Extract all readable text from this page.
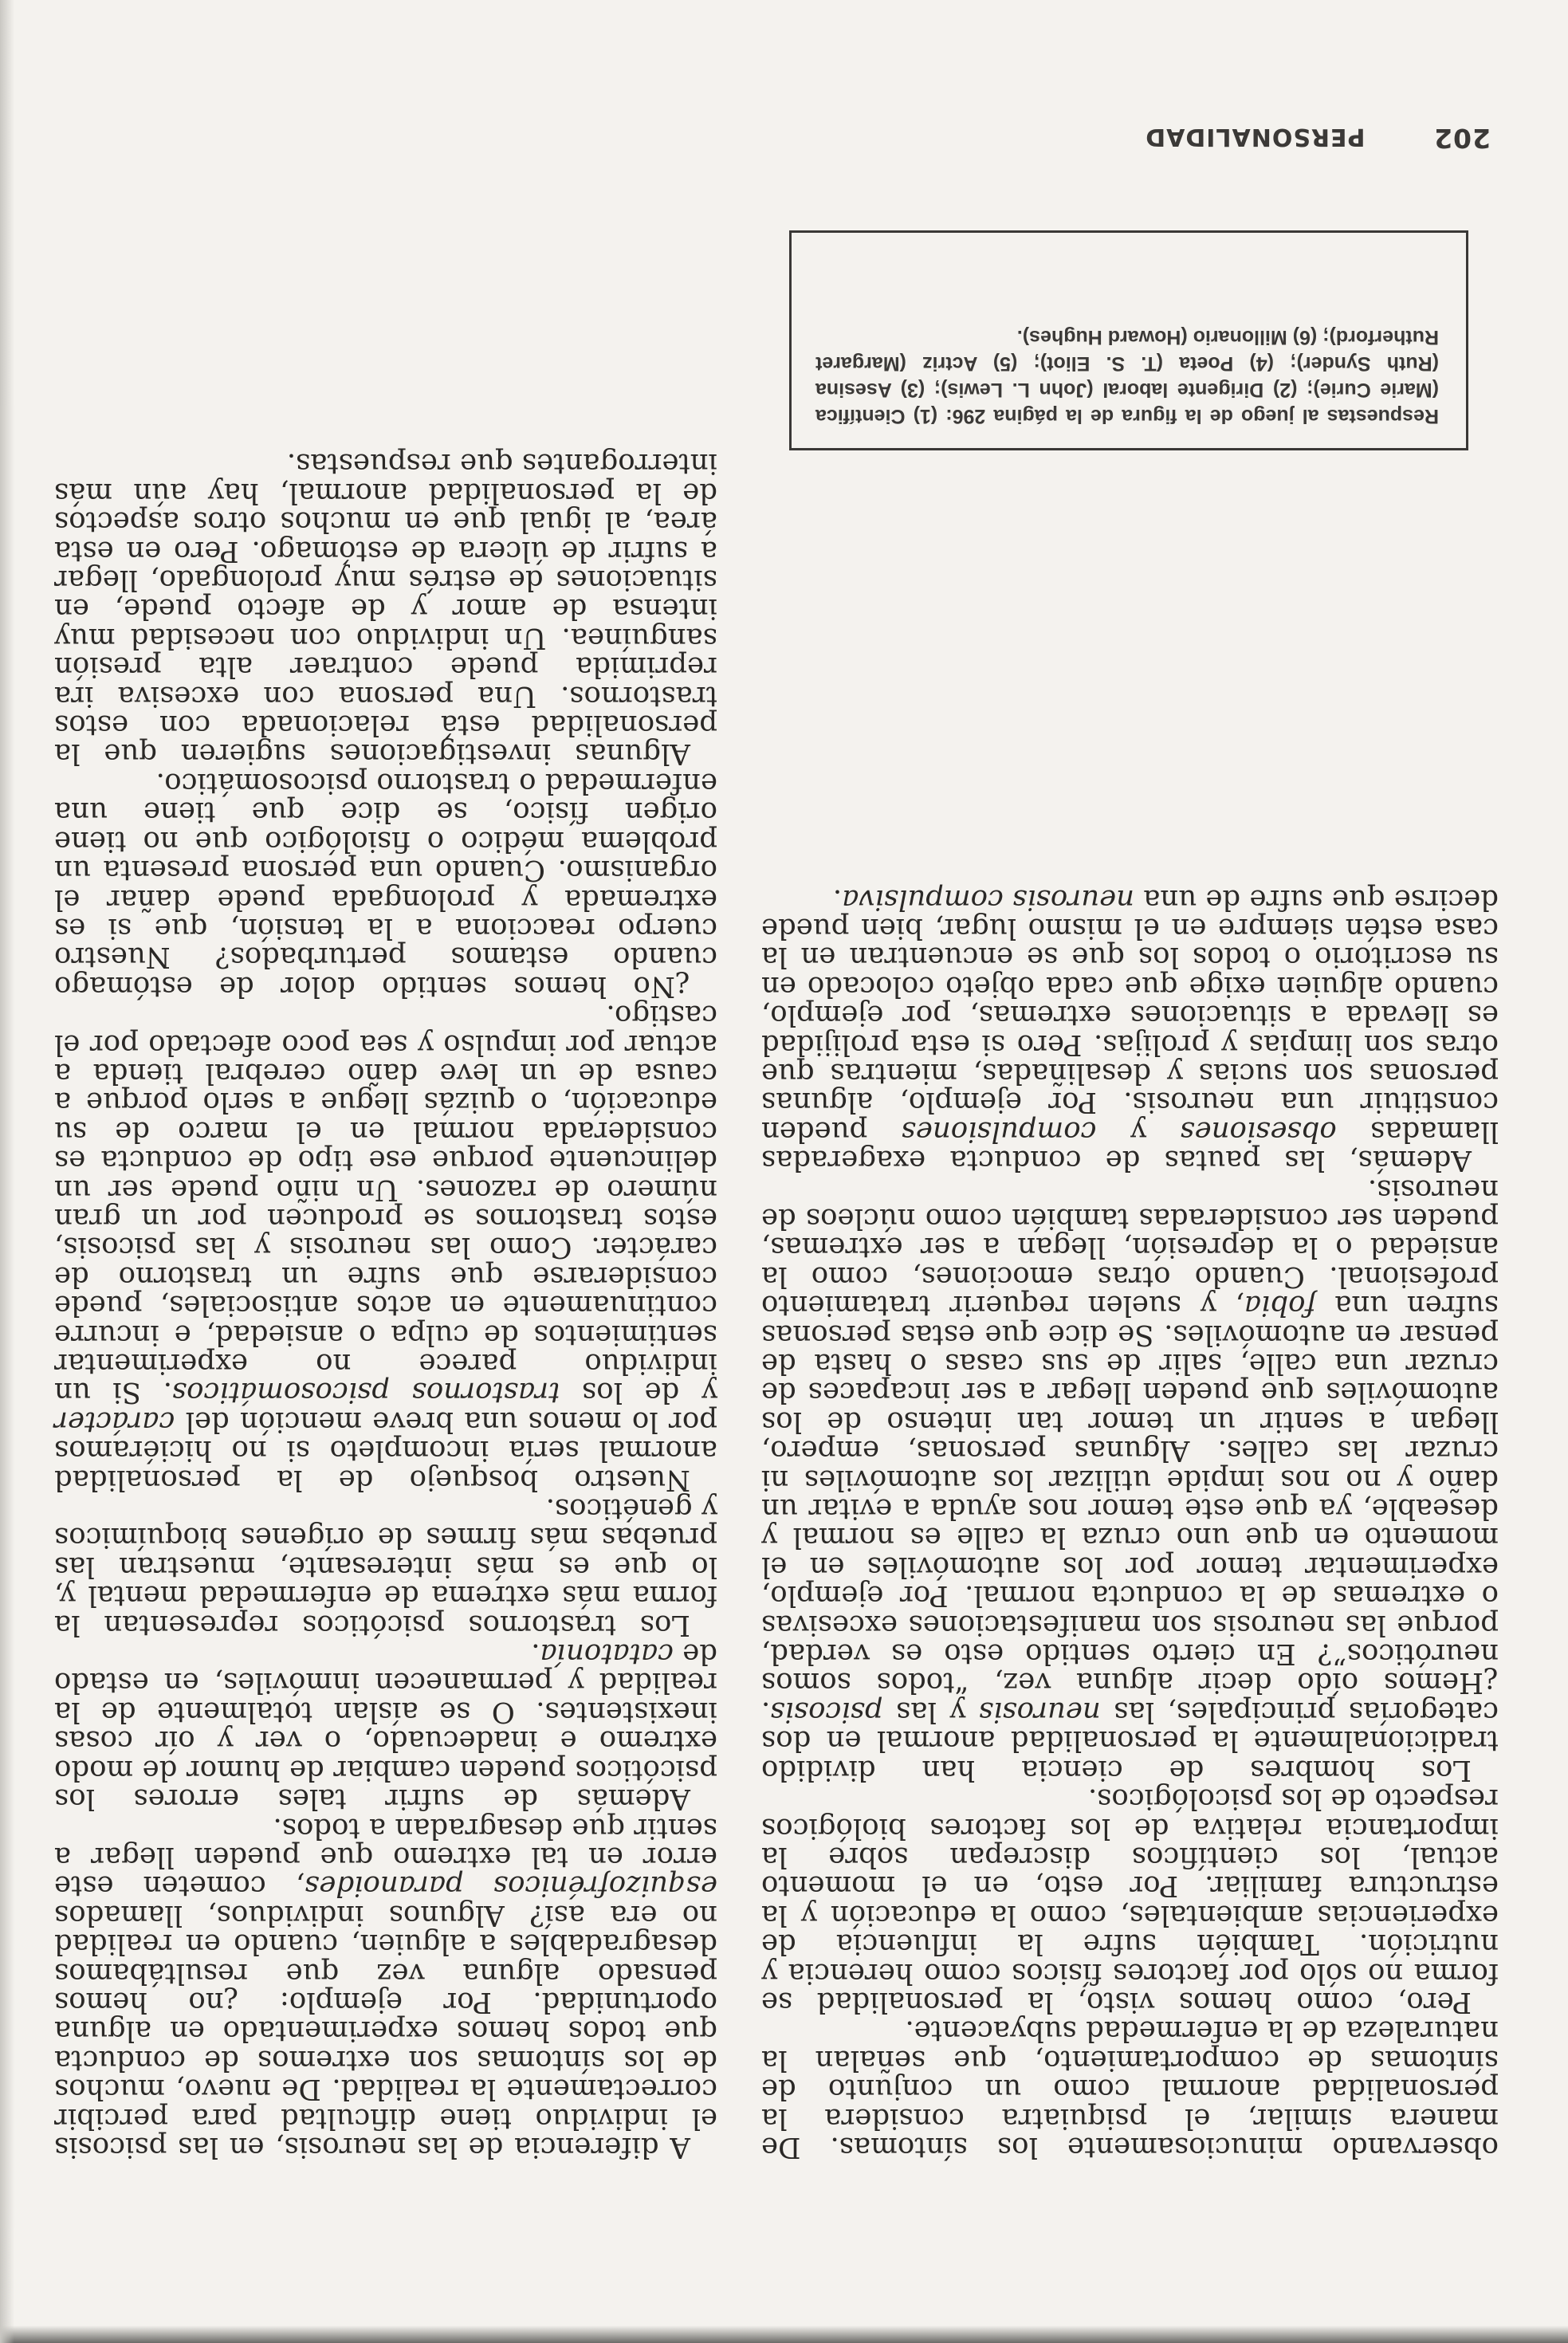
observando minuciosamente los síntomas. De manera similar, el psiquiatra considera la personalidad anormal como un conjunto de síntomas de comportamiento, que señalan la naturaleza de la enfermedad subyacente.

Pero, como hemos visto, la personalidad se forma no sólo por factores físicos como herencia y nutrición. También sufre la influencia de experiencias ambientales, como la educación y la estructura familiar. Por esto, en el momento actual, los científicos discrepan sobre la importancia relativa de los factores biológicos respecto de los psicológicos.

Los hombres de ciencia han dividido tradicionalmente la personalidad anormal en dos categorías principales, las neurosis y las psicosis. ¿Hemos oído decir alguna vez, “todos somos neuróticos”? En cierto sentido esto es verdad, porque las neurosis son manifestaciones excesivas o extremas de la conducta normal. Por ejemplo, experimentar temor por los automóviles en el momento en que uno cruza la calle es normal y deseable, ya que este temor nos ayuda a evitar un daño y no nos impide utilizar los automóviles ni cruzar las calles. Algunas personas, empero, llegan a sentir un temor tan intenso de los automóviles que pueden llegar a ser incapaces de cruzar una calle, salir de sus casas o hasta de pensar en automóviles. Se dice que estas personas sufren una fobia, y suelen requerir tratamiento profesional. Cuando otras emociones, como la ansiedad o la depresión, llegan a ser extremas, pueden ser consideradas también como núcleos de neurosis.

Además, las pautas de conducta exageradas llamadas obsesiones y compulsiones pueden constituir una neurosis. Por ejemplo, algunas personas son sucias y desaliñadas, mientras que otras son limpias y prolijas. Pero si esta prolijidad es llevada a situaciones extremas, por ejemplo, cuando alguien exige que cada objeto colocado en su escritorio o todos los que se encuentran en la casa estén siempre en el mismo lugar, bien puede decirse que sufre de una neurosis compulsiva.

A diferencia de las neurosis, en las psicosis el individuo tiene dificultad para percibir correctamente la realidad. De nuevo, muchos de los síntomas son extremos de conducta que todos hemos experimentado en alguna oportunidad. Por ejemplo: ¿no hemos pensado alguna vez que resultábamos desagradables a alguien, cuando en realidad no era así? Algunos individuos, llamados esquizofrénicos paranoides, cometen este error en tal extremo que pueden llegar a sentir que desagradan a todos.

Además de sufrir tales errores los psicóticos pueden cambiar de humor de modo extremo e inadecuado, o ver y oír cosas inexistentes. O se aíslan totalmente de la realidad y permanecen inmóviles, en estado de catatonía.

Los trastornos psicóticos representan la forma más extrema de enfermedad mental y, lo que es más interesante, muestran las pruebas más firmes de orígenes bioquímicos y genéticos.

Nuestro bosquejo de la personalidad anormal sería incompleto si no hiciéramos por lo menos una breve mención del carácter y de los trastornos psicosomáticos. Si un individuo parece no experimentar sentimientos de culpa o ansiedad, e incurre continuamente en actos antisociales, puede considerarse que sufre un trastorno de carácter. Como las neurosis y las psicosis, estos trastornos se producen por un gran número de razones. Un niño puede ser un delincuente porque ese tipo de conducta es considerada normal en el marco de su educación, o quizás llegue a serlo porque a causa de un leve daño cerebral tienda a actuar por impulso y sea poco afectado por el castigo.

¿No hemos sentido dolor de estómago cuando estamos perturbados? Nuestro cuerpo reacciona a la tensión, que si es extremada y prolongada puede dañar el organismo. Cuando una persona presenta un problema médico o fisiológico que no tiene origen físico, se dice que tiene una enfermedad o trastorno psicosomático.

Algunas investigaciones sugieren que la personalidad está relacionada con estos trastornos. Una persona con excesiva ira reprimida puede contraer alta presión sanguínea. Un individuo con necesidad muy intensa de amor y de afecto puede, en situaciones de estrés muy prolongado, llegar a sufrir de úlcera de estómago. Pero en esta área, al igual que en muchos otros aspectos de la personalidad anormal, hay aún más interrogantes que respuestas.

Respuestas al juego de la figura de la página 296: (1) Científica (Marie Curie); (2) Dirigente laboral (John L. Lewis); (3) Asesina (Ruth Synder); (4) Poeta (T. S. Eliot); (5) Actriz (Margaret Rutherford); (6) Millonario (Howard Hughes).
202 PERSONALIDAD
